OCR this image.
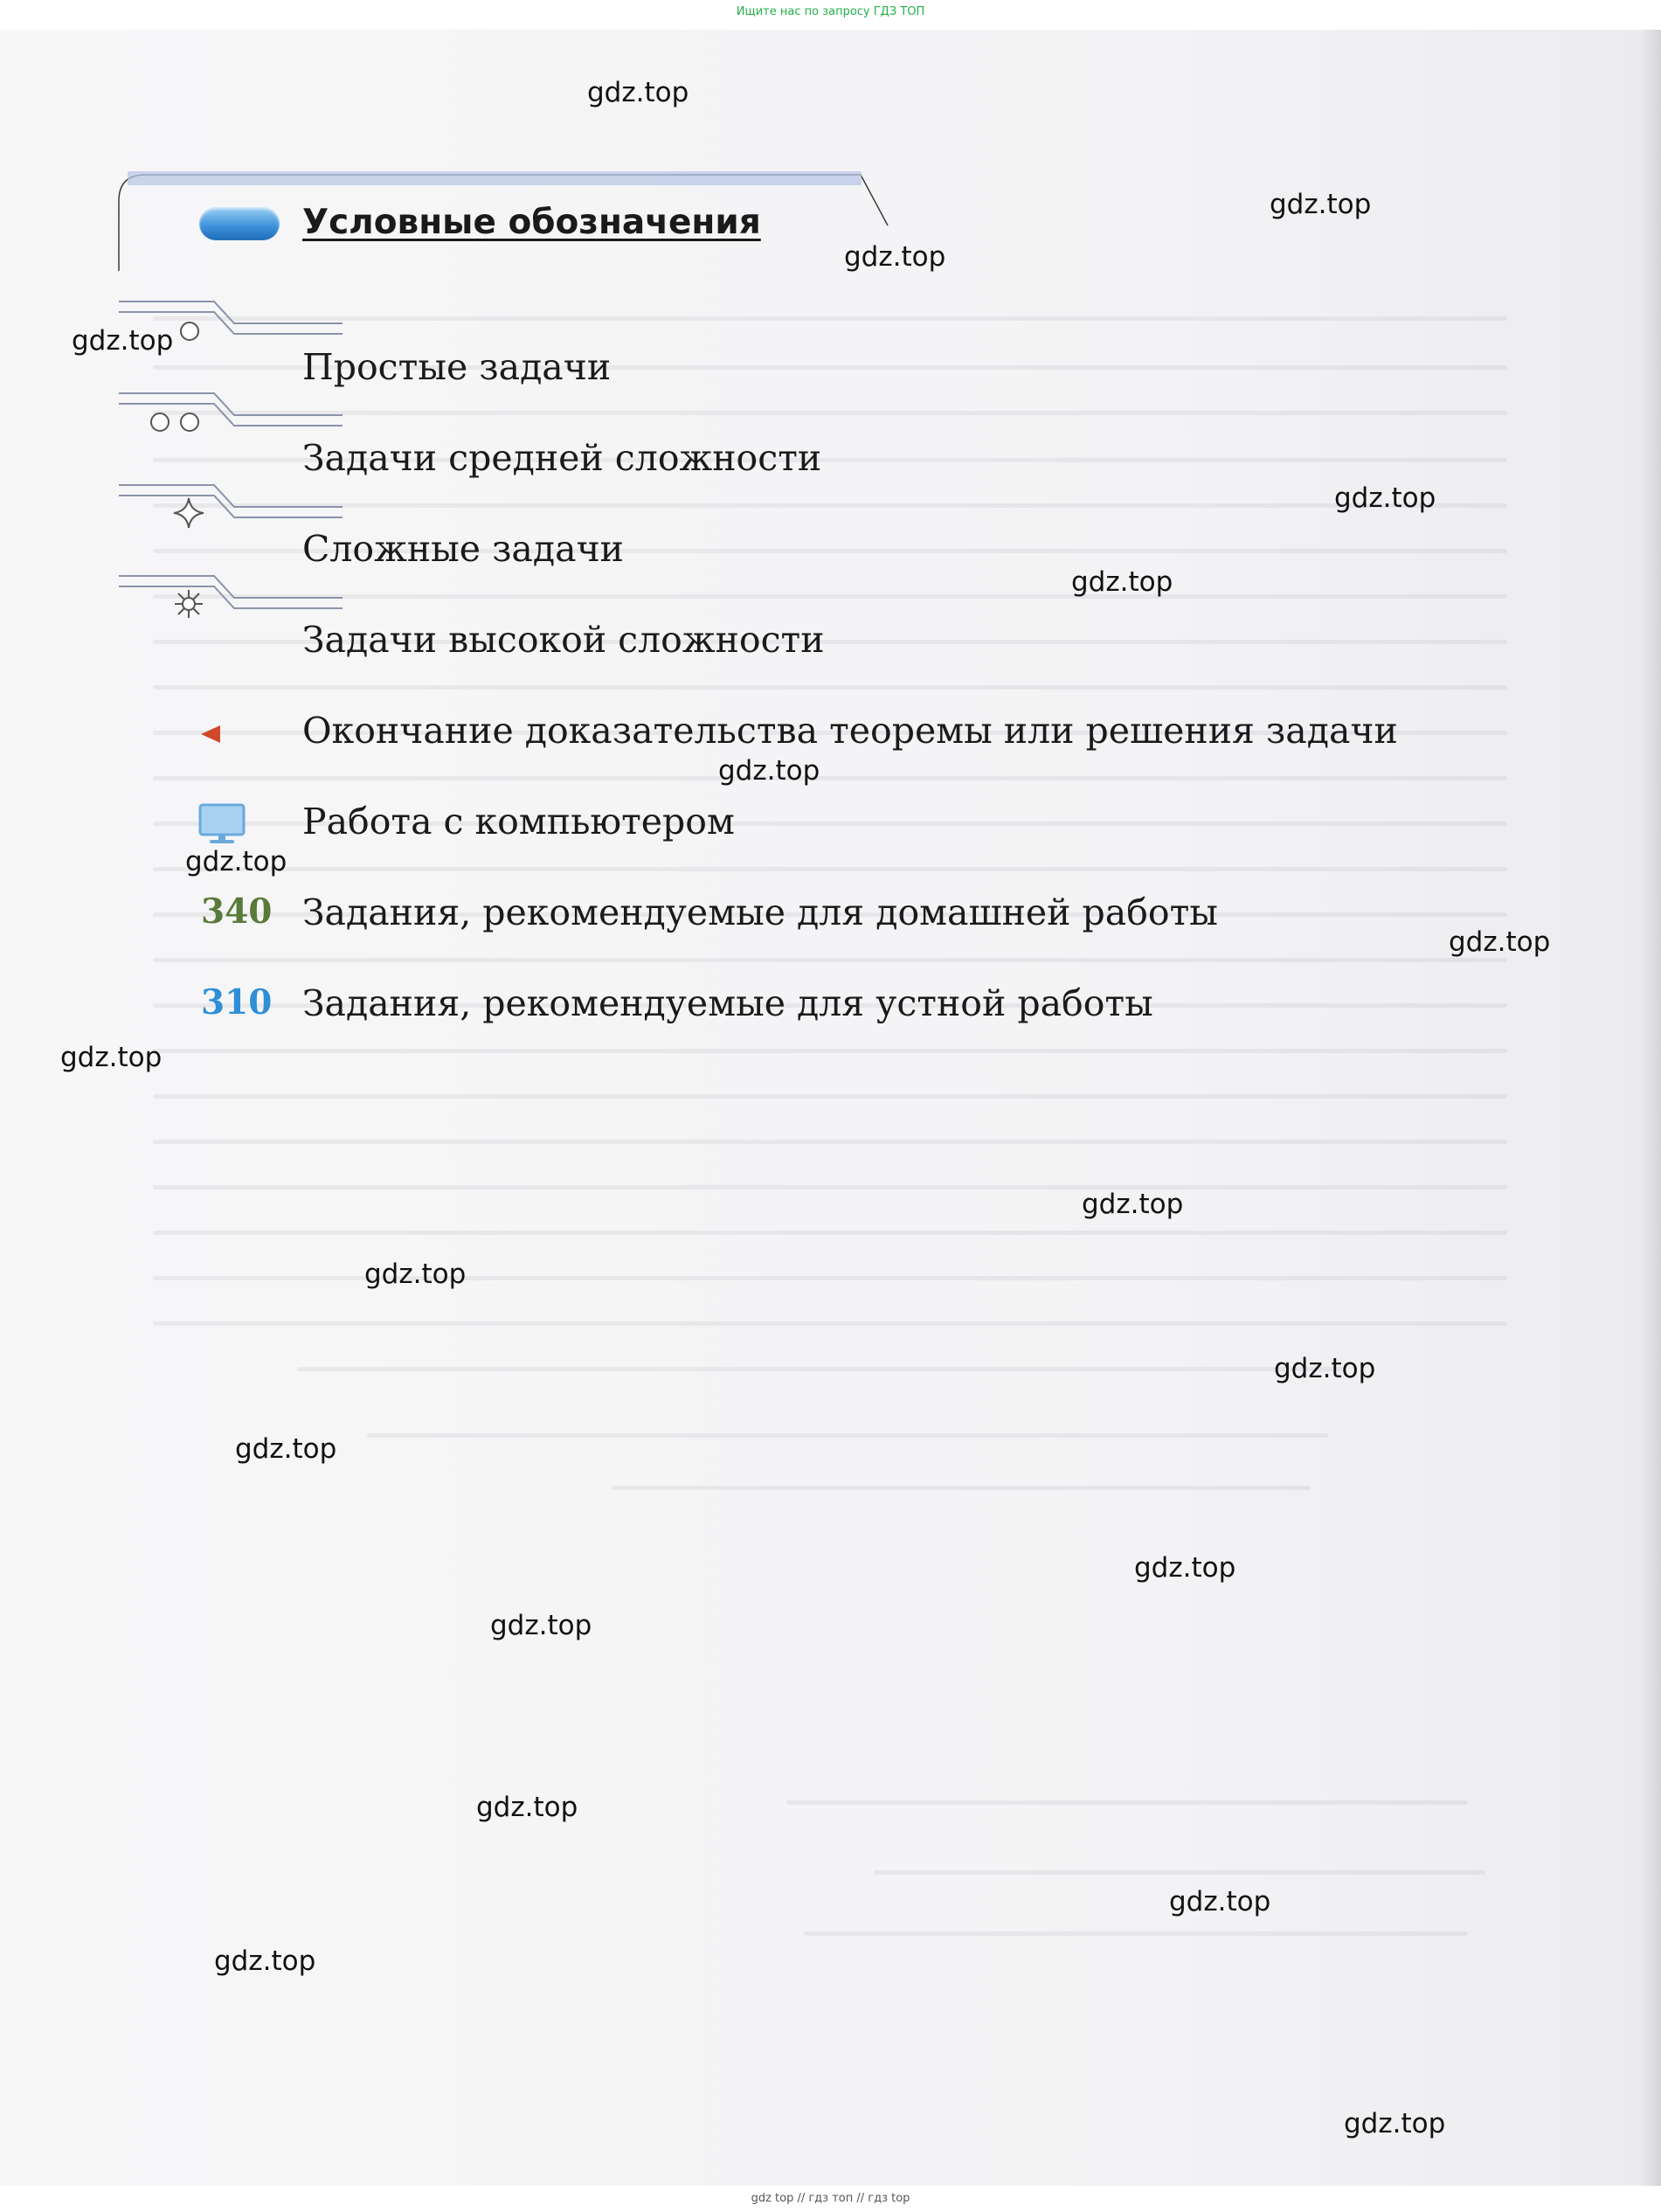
Условные обозначения
Простые задачи
Задачи средней сложности
Сложные задачи
Задачи высокой сложности
Окончание доказательства теоремы или решения задачи
Работа с компьютером
340 Задания, рекомендуемые для домашней работы
310 Задания, рекомендуемые для устной работы
gdz.top
gdz.top
gdz.top
gdz.top
gdz.top
gdz.top
gdz.top
gdz.top
gdz.top
gdz.top
gdz.top
gdz.top
gdz.top
gdz.top
gdz.top
gdz.top
gdz.top
gdz.top
gdz.top
gdz.top
Ищите нас по запросу ГДЗ ТОП
gdz top // гдз топ // гдз top
